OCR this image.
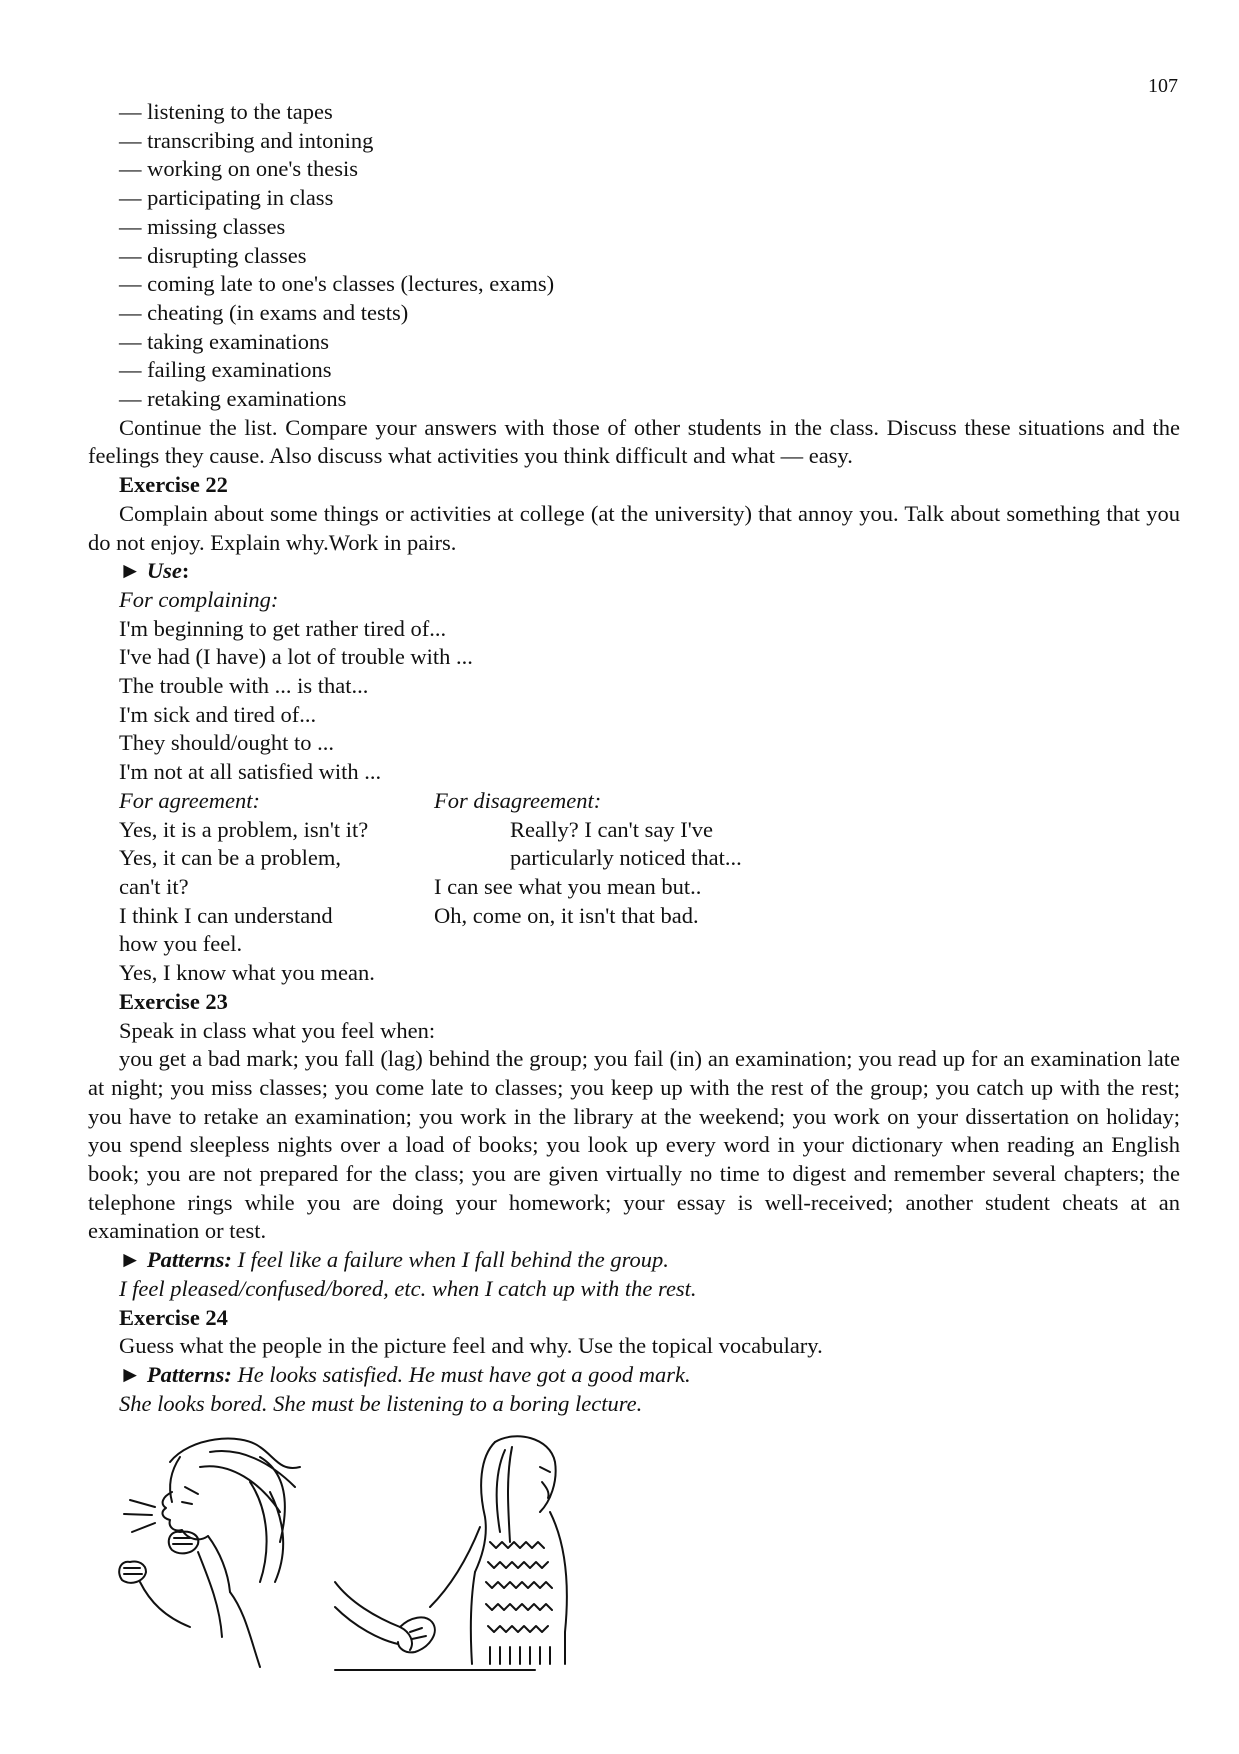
107
— listening to the tapes
— transcribing and intoning
— working on one's thesis
— participating in class
— missing classes
— disrupting classes
— coming late to one's classes (lectures, exams)
— cheating (in exams and tests)
— taking examinations
— failing examinations
— retaking examinations
Continue the list. Compare your answers with those of other students in the class. Discuss these situations and the feelings they cause. Also discuss what activities you think difficult and what — easy.
Exercise 22
Complain about some things or activities at college (at the university) that annoy you. Talk about something that you do not enjoy. Explain why.Work in pairs.
► Use:
For complaining:
I'm beginning to get rather tired of...
I've had (I have) a lot of trouble with ...
The trouble with ... is that...
I'm sick and tired of...
They should/ought to ...
I'm not at all satisfied with ...
For agreement:
Yes, it is a problem, isn't it?
Yes, it can be a problem,
can't it?
I think I can understand
how you feel.
Yes, I know what you mean.
For disagreement:
Really? I can't say I've
particularly noticed that...
I can see what you mean but..
Oh, come on, it isn't that bad.
Exercise 23
Speak in class what you feel when:
you get a bad mark; you fall (lag) behind the group; you fail (in) an examination; you read up for an examination late at night; you miss classes; you come late to classes; you keep up with the rest of the group; you catch up with the rest; you have to retake an examination; you work in the library at the weekend; you work on your dissertation on holiday; you spend sleepless nights over a load of books; you look up every word in your dictionary when reading an English book; you are not prepared for the class; you are given virtually no time to digest and remember several chapters; the telephone rings while you are doing your homework; your essay is well-received; another student cheats at an examination or test.
► Patterns: I feel like a failure when I fall behind the group.
I feel pleased/confused/bored, etc. when I catch up with the rest.
Exercise 24
Guess what the people in the picture feel and why. Use the topical vocabulary.
► Patterns: He looks satisfied. He must have got a good mark.
She looks bored. She must be listening to a boring lecture.
